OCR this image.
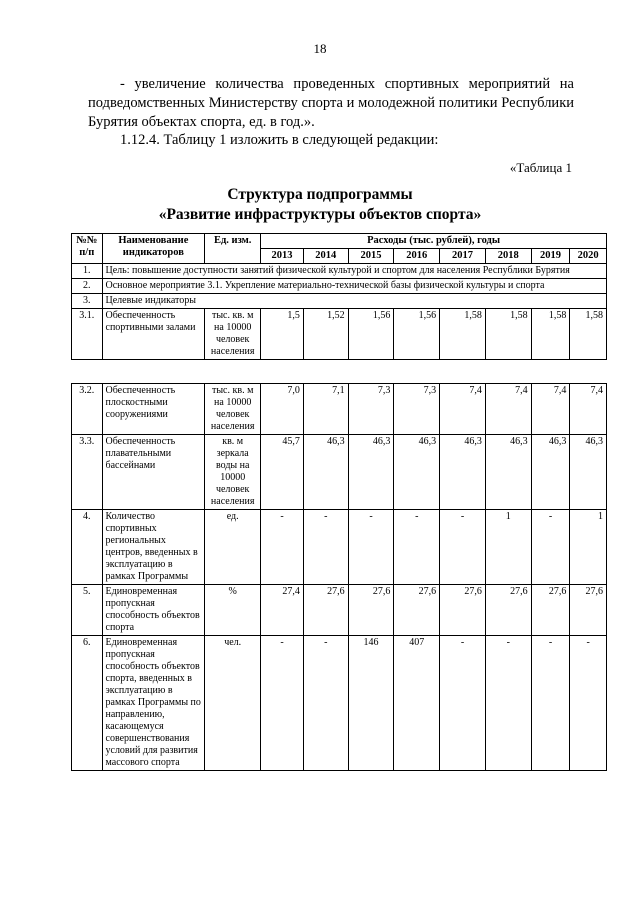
18
- увеличение количества проведенных спортивных мероприятий на подведомственных Министерству спорта и молодежной политики Республики Бурятия объектах спорта, ед. в год.».
1.12.4. Таблицу 1 изложить в следующей редакции:
«Таблица 1
Структура подпрограммы
«Развитие инфраструктуры объектов спорта»
№№ п/п	Наименование индикаторов	Ед. изм.	Расходы (тыс. рублей), годы							
			2013	2014	2015	2016	2017	2018	2019	2020
1.	Цель: повышение доступности занятий физической культурой и спортом для населения Республики Бурятия									
2.	Основное мероприятие 3.1. Укрепление материально-технической базы физической культуры и спорта									
3.	Целевые индикаторы									
3.1.	Обеспеченность спортивными залами	тыс. кв. м на 10000 человек населения	1,5	1,52	1,56	1,56	1,58	1,58	1,58	1,58
3.2.	Обеспеченность плоскостными сооружениями	тыс. кв. м на 10000 человек населения	7,0	7,1	7,3	7,3	7,4	7,4	7,4	7,4
3.3.	Обеспеченность плавательными бассейнами	кв. м зеркала воды на 10000 человек населения	45,7	46,3	46,3	46,3	46,3	46,3	46,3	46,3
4.	Количество спортивных региональных центров, введенных в эксплуатацию в рамках Программы	ед.	-	-	-	-	-	1	-	1
5.	Единовременная пропускная способность объектов спорта	%	27,4	27,6	27,6	27,6	27,6	27,6	27,6	27,6
6.	Единовременная пропускная способность объектов спорта, введенных в эксплуатацию в рамках Программы по направлению, касающемуся совершенствования условий для развития массового спорта	чел.	-	-	146	407	-	-	-	-
